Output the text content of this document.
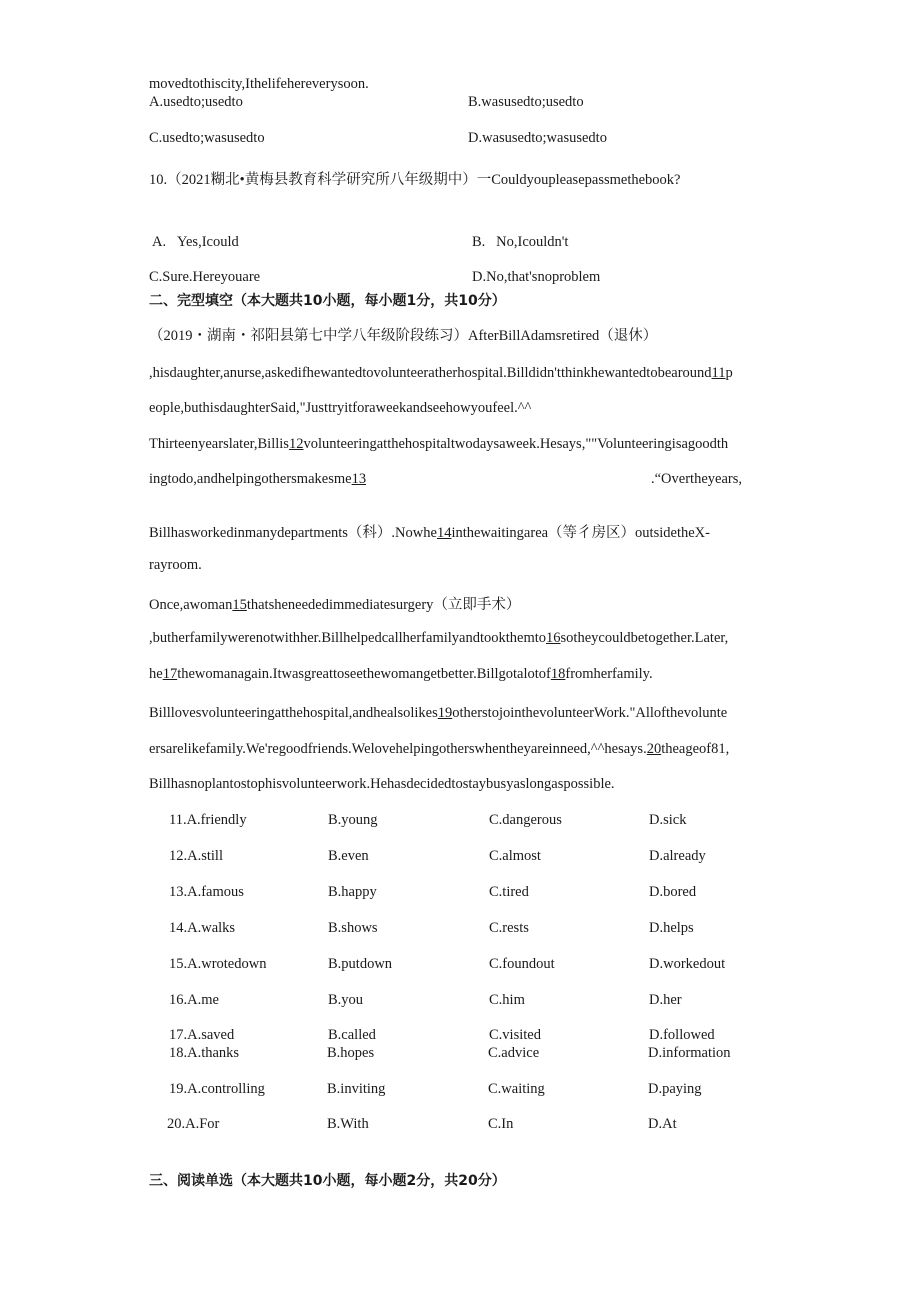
movedtothiscity,Ithelifehereverysoon.
A.usedto;usedto	B.wasusedto;usedto
C.usedto;wasusedto	D.wasusedto;wasusedto
10.（2021糊北•黄梅县教育科学研究所八年级期中）一Couldyoupleasepassmethebook?
A.   Yes,Icould	B.   No,Icouldn't
C.Sure.Hereyouare	D.No,that'snoproblem
二、完型填空（本大题共10小题，每小题1分，共10分）
（2019・湖南・祁阳县第七中学八年级阶段练习）AfterBillAdamsretired（退休）
,hisdaughter,anurse,askedifhewantedtovolunteeratherhospital.Billdidn'tthinkhewantedtobearound11p
eople,buthisdaughterSaid,"Justtryitforaweekandseehowyoufeel.^^
Thirteenyearslater,Billis12volunteeringatthehospitaltwodaysaweek.Hesays,""Volunteeringisagoodth
ingtodo,andhelpingothersmakesme13	.“Overtheyears,
Billhasworkedinmanydepartments（科）.Nowhe14inthewaitingarea（等彳房区）outsidetheX-
rayroom.
Once,awoman15thatsheneededimmediatesurgery（立即手术）
,butherfamilywerenotwithher.Billhelpedcallherfamilyandtookthemto16sotheycouldbetogether.Later,
he17thewomanagain.Itwasgreattoseethewomangetbetter.Billgotalotof18fromherfamily.
Billlovesvolunteeringatthehospital,andhealsolikes19otherstojointhevolunteerWork."Allofthevolunte
ersarelikefamily.We'regoodfriends.Welovehelpingotherswhentheyareinneed,^^hesays.20theageof81,
Billhasnoplantostophisvolunteerwork.Hehasdecidedtostaybusyaslongaspossible.
11.A.friendly	B.young	C.dangerous	D.sick
12.A.still	B.even	C.almost	D.already
13.A.famous	B.happy	C.tired	D.bored
14.A.walks	B.shows	C.rests	D.helps
15.A.wrotedown	B.putdown	C.foundout	D.workedout
16.A.me	B.you	C.him	D.her
17.A.saved	B.called	C.visited	D.followed
18.A.thanks	B.hopes	C.advice	D.information
19.A.controlling	B.inviting	C.waiting	D.paying
20.A.For	B.With	C.In	D.At
三、阅读单选（本大题共10小题，每小题2分，共20分）
